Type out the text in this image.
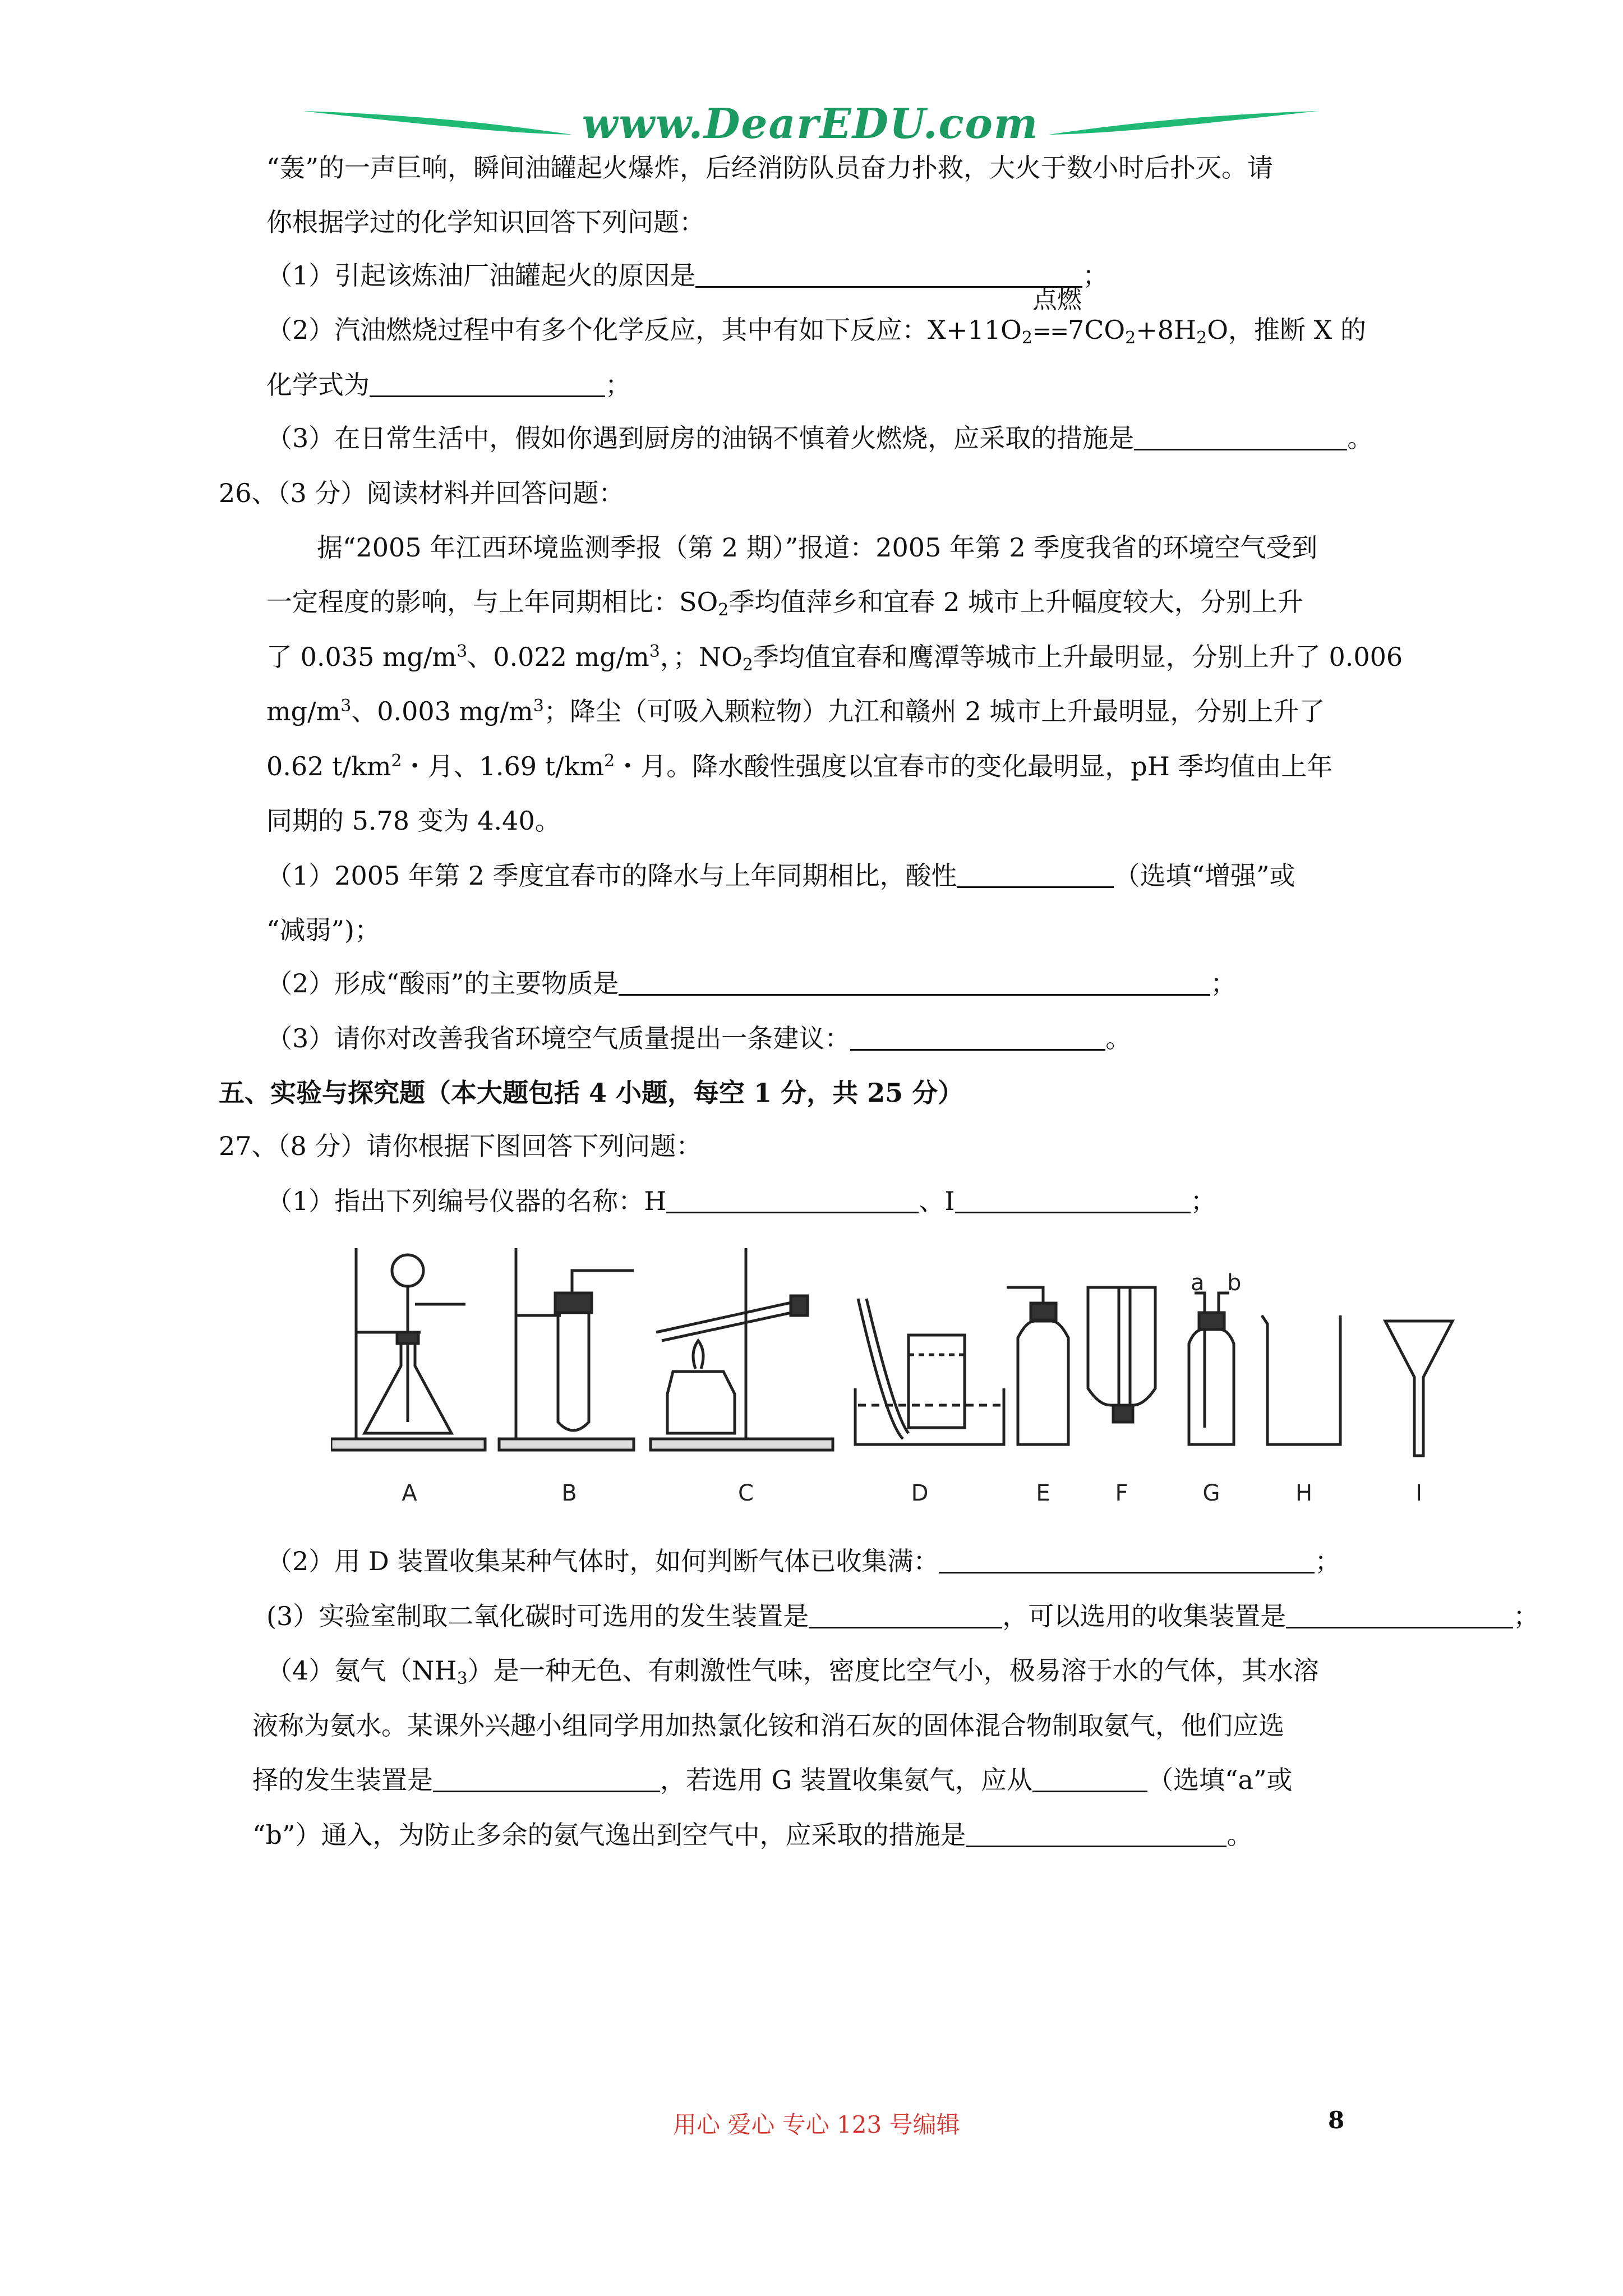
www.DearEDU.com
“轰”的一声巨响，瞬间油罐起火爆炸，后经消防队员奋力扑救，大火于数小时后扑灭。请
你根据学过的化学知识回答下列问题：
（1）引起该炼油厂油罐起火的原因是	；
（2）汽油燃烧过程中有多个化学反应，其中有如下反应：$X+11O_2$
点燃
$==7CO_2+8H_2O$，推断 X 的
化学式为	；
（3）在日常生活中，假如你遇到厨房的油锅不慎着火燃烧，应采取的措施是	。
26、（3 分）阅读材料并回答问题：
据“2005 年江西环境监测季报（第 2 期）”报道：2005 年第 2 季度我省的环境空气受到
一定程度的影响，与上年同期相比：$SO_2$季均值萍乡和宜春 2 城市上升幅度较大，分别上升
了 0.035 $mg/m^3$、0.022 $mg/m^3$，；$NO_2$季均值宜春和鹰潭等城市上升最明显，分别上升了 0.006
$mg/m^3$、0.003 $mg/m^3$；降尘（可吸入颗粒物）九江和赣州 2 城市上升最明显，分别上升了
0.62 $t/km^2$・月、1.69 $t/km^2$・月。降水酸性强度以宜春市的变化最明显，pH 季均值由上年
同期的 5.78 变为 4.40。
（1）2005 年第 2 季度宜春市的降水与上年同期相比，酸性	（选填“增强”或
“减弱”)；
（2）形成“酸雨”的主要物质是	；
（3）请你对改善我省环境空气质量提出一条建议：	。
五、实验与探究题（本大题包括 4 小题，每空 1 分，共 25 分）
27、（8 分）请你根据下图回答下列问题：
（1）指出下列编号仪器的名称：H	、I	；
a b
A	B	C	D	E	F	G	H	I
（2）用 D 装置收集某种气体时，如何判断气体已收集满：	；
(3）实验室制取二氧化碳时可选用的发生装置是	，可以选用的收集装置是	；
（4）氨气$(NH_3)$是一种无色、有刺激性气味，密度比空气小，极易溶于水的气体，其水溶
液称为氨水。某课外兴趣小组同学用加热氯化铵和消石灰的固体混合物制取氨气，他们应选
择的发生装置是	，若选用 G 装置收集氨气，应从	（选填“a”或
“b”）通入，为防止多余的氨气逸出到空气中，应采取的措施是	。
用心 爱心 专心 123 号编辑	8
